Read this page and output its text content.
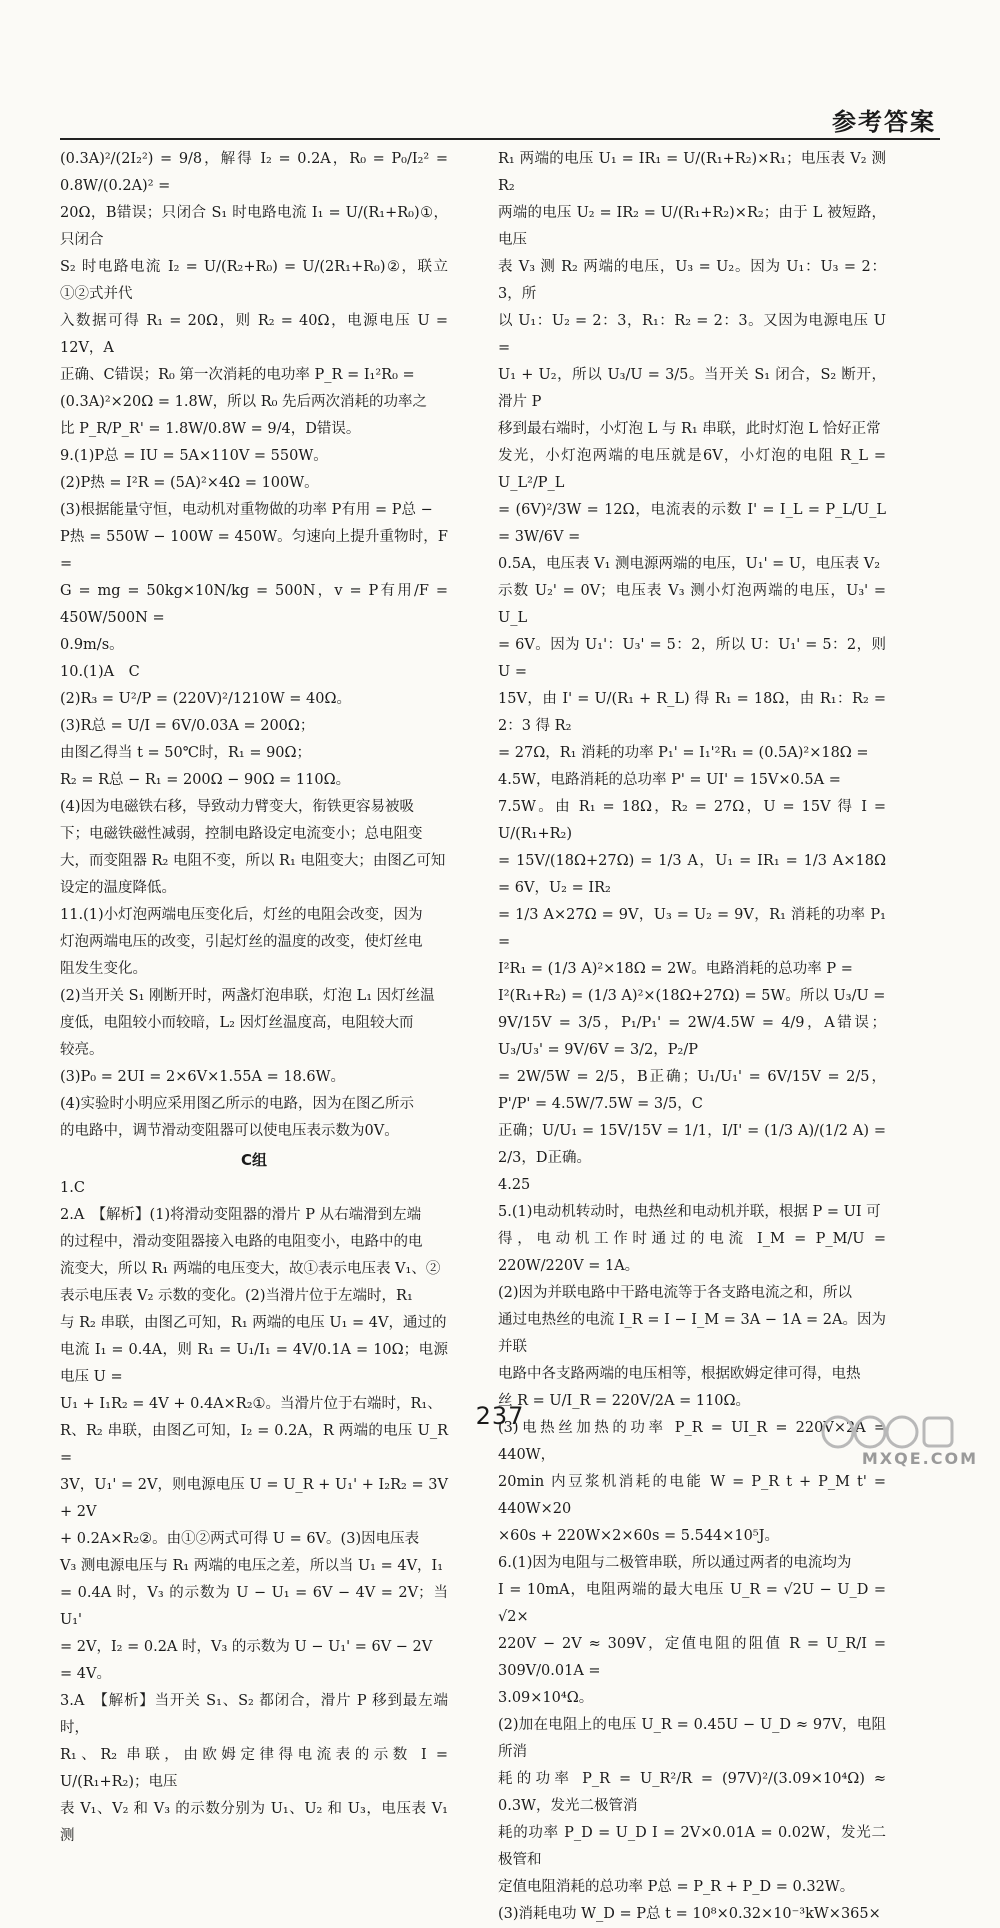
参考答案

(0.3A)²/(2I₂²) = 9/8，解得 I₂ = 0.2A，R₀ = P₀/I₂² = 0.8W/(0.2A)² =

20Ω，B错误；只闭合 S₁ 时电路电流 I₁ = U/(R₁+R₀)①，只闭合

S₂ 时电路电流 I₂ = U/(R₂+R₀) = U/(2R₁+R₀)②，联立①②式并代

入数据可得 R₁ = 20Ω，则 R₂ = 40Ω，电源电压 U = 12V，A

正确、C错误；R₀ 第一次消耗的电功率 P_R = I₁²R₀ =

(0.3A)²×20Ω = 1.8W，所以 R₀ 先后两次消耗的功率之

比 P_R/P_R' = 1.8W/0.8W = 9/4，D错误。

9.(1)P总 = IU = 5A×110V = 550W。

(2)P热 = I²R = (5A)²×4Ω = 100W。

(3)根据能量守恒，电动机对重物做的功率 P有用 = P总 −

P热 = 550W − 100W = 450W。匀速向上提升重物时，F =

G = mg = 50kg×10N/kg = 500N，v = P有用/F = 450W/500N =

0.9m/s。

10.(1)A　C

(2)R₃ = U²/P = (220V)²/1210W = 40Ω。

(3)R总 = U/I = 6V/0.03A = 200Ω；

由图乙得当 t = 50℃时，R₁ = 90Ω；

R₂ = R总 − R₁ = 200Ω − 90Ω = 110Ω。

(4)因为电磁铁右移，导致动力臂变大，衔铁更容易被吸

下；电磁铁磁性减弱，控制电路设定电流变小；总电阻变

大，而变阻器 R₂ 电阻不变，所以 R₁ 电阻变大；由图乙可知

设定的温度降低。

11.(1)小灯泡两端电压变化后，灯丝的电阻会改变，因为

灯泡两端电压的改变，引起灯丝的温度的改变，使灯丝电

阻发生变化。

(2)当开关 S₁ 刚断开时，两盏灯泡串联，灯泡 L₁ 因灯丝温

度低，电阻较小而较暗，L₂ 因灯丝温度高，电阻较大而

较亮。

(3)P₀ = 2UI = 2×6V×1.55A = 18.6W。

(4)实验时小明应采用图乙所示的电路，因为在图乙所示

的电路中，调节滑动变阻器可以使电压表示数为0V。

C组

1.C

2.A　【解析】(1)将滑动变阻器的滑片 P 从右端滑到左端

的过程中，滑动变阻器接入电路的电阻变小，电路中的电

流变大，所以 R₁ 两端的电压变大，故①表示电压表 V₁、②

表示电压表 V₂ 示数的变化。(2)当滑片位于左端时，R₁

与 R₂ 串联，由图乙可知，R₁ 两端的电压 U₁ = 4V，通过的

电流 I₁ = 0.4A，则 R₁ = U₁/I₁ = 4V/0.1A = 10Ω；电源电压 U =

U₁ + I₁R₂ = 4V + 0.4A×R₂①。当滑片位于右端时，R₁、

R、R₂ 串联，由图乙可知，I₂ = 0.2A，R 两端的电压 U_R =

3V，U₁' = 2V，则电源电压 U = U_R + U₁' + I₂R₂ = 3V + 2V

+ 0.2A×R₂②。由①②两式可得 U = 6V。(3)因电压表

V₃ 测电源电压与 R₁ 两端的电压之差，所以当 U₁ = 4V，I₁

= 0.4A 时，V₃ 的示数为 U − U₁ = 6V − 4V = 2V；当 U₁'

= 2V，I₂ = 0.2A 时，V₃ 的示数为 U − U₁' = 6V − 2V

= 4V。

3.A　【解析】当开关 S₁、S₂ 都闭合，滑片 P 移到最左端时，

R₁、R₂ 串联，由欧姆定律得电流表的示数 I = U/(R₁+R₂)；电压

表 V₁、V₂ 和 V₃ 的示数分别为 U₁、U₂ 和 U₃，电压表 V₁ 测

R₁ 两端的电压 U₁ = IR₁ = U/(R₁+R₂)×R₁；电压表 V₂ 测 R₂

两端的电压 U₂ = IR₂ = U/(R₁+R₂)×R₂；由于 L 被短路，电压

表 V₃ 测 R₂ 两端的电压，U₃ = U₂。因为 U₁：U₃ = 2：3，所

以 U₁：U₂ = 2：3，R₁：R₂ = 2：3。又因为电源电压 U =

U₁ + U₂，所以 U₃/U = 3/5。当开关 S₁ 闭合，S₂ 断开，滑片 P

移到最右端时，小灯泡 L 与 R₁ 串联，此时灯泡 L 恰好正常

发光，小灯泡两端的电压就是6V，小灯泡的电阻 R_L = U_L²/P_L

= (6V)²/3W = 12Ω，电流表的示数 I' = I_L = P_L/U_L = 3W/6V =

0.5A，电压表 V₁ 测电源两端的电压，U₁' = U，电压表 V₂

示数 U₂' = 0V；电压表 V₃ 测小灯泡两端的电压，U₃' = U_L

= 6V。因为 U₁'：U₃' = 5：2，所以 U：U₁' = 5：2，则 U =

15V，由 I' = U/(R₁ + R_L) 得 R₁ = 18Ω，由 R₁：R₂ = 2：3 得 R₂

= 27Ω，R₁ 消耗的功率 P₁' = I₁'²R₁ = (0.5A)²×18Ω =

4.5W，电路消耗的总功率 P' = UI' = 15V×0.5A =

7.5W。由 R₁ = 18Ω，R₂ = 27Ω，U = 15V 得 I = U/(R₁+R₂)

= 15V/(18Ω+27Ω) = 1/3 A，U₁ = IR₁ = 1/3 A×18Ω = 6V，U₂ = IR₂

= 1/3 A×27Ω = 9V，U₃ = U₂ = 9V，R₁ 消耗的功率 P₁ =

I²R₁ = (1/3 A)²×18Ω = 2W。电路消耗的总功率 P =

I²(R₁+R₂) = (1/3 A)²×(18Ω+27Ω) = 5W。所以 U₃/U =

9V/15V = 3/5，P₁/P₁' = 2W/4.5W = 4/9，A错误；U₃/U₃' = 9V/6V = 3/2，P₂/P

= 2W/5W = 2/5，B正确；U₁/U₁' = 6V/15V = 2/5，P'/P' = 4.5W/7.5W = 3/5，C

正确；U/U₁ = 15V/15V = 1/1，I/I' = (1/3 A)/(1/2 A) = 2/3，D正确。

4.25

5.(1)电动机转动时，电热丝和电动机并联，根据 P = UI 可

得，电动机工作时通过的电流 I_M = P_M/U = 220W/220V = 1A。

(2)因为并联电路中干路电流等于各支路电流之和，所以

通过电热丝的电流 I_R = I − I_M = 3A − 1A = 2A。因为并联

电路中各支路两端的电压相等，根据欧姆定律可得，电热

丝 R = U/I_R = 220V/2A = 110Ω。

(3)电热丝加热的功率 P_R = UI_R = 220V×2A = 440W，

20min 内豆浆机消耗的电能 W = P_R t + P_M t' = 440W×20

×60s + 220W×2×60s = 5.544×10⁵J。

6.(1)因为电阻与二极管串联，所以通过两者的电流均为

I = 10mA，电阻两端的最大电压 U_R = √2U − U_D = √2×

220V − 2V ≈ 309V，定值电阻的阻值 R = U_R/I = 309V/0.01A =

3.09×10⁴Ω。

(2)加在电阻上的电压 U_R = 0.45U − U_D ≈ 97V，电阻所消

耗的功率 P_R = U_R²/R = (97V)²/(3.09×10⁴Ω) ≈ 0.3W，发光二极管消

耗的功率 P_D = U_D I = 2V×0.01A = 0.02W，发光二极管和

定值电阻消耗的总功率 P总 = P_R + P_D = 0.32W。

(3)消耗电功 W_D = P总 t = 10⁸×0.32×10⁻³kW×365×

237
MXQE.COM
